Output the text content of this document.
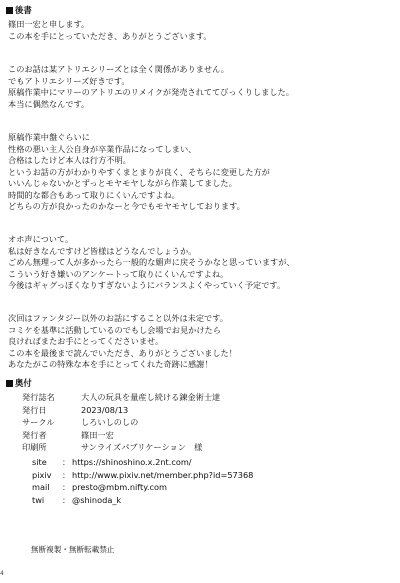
後書
篠田一宏と申します。
この本を手にとっていただき、ありがとうございます。
このお話は某アトリエシリーズとは全く関係がありません。
でもアトリエシリーズ好きです。
原稿作業中にマリーのアトリエのリメイクが発売されててびっくりしました。
本当に偶然なんです。
原稿作業中盤ぐらいに
性格の悪い主人公自身が卒業作品になってしまい、
合格はしたけど本人は行方不明。
というお話の方がわかりやすくまとまりが良く、そちらに変更した方が
いいんじゃないかとずっとモヤモヤしながら作業してました。
時間的な都合もあって取りにくいんですよね。
どちらの方が良かったのかなーと今でもモヤモヤしております。
オホ声について。
私は好きなんですけど皆様はどうなんでしょうか。
ごめん無理って人が多かったら一般的な媚声に戻そうかなと思っていますが、
こういう好き嫌いのアンケートって取りにくいんですよね。
今後はギャグっぽくなりすぎないようにバランスよくやっていく予定です。
次回はファンタジー以外のお話にすること以外は未定です。
コミケを基準に活動しているのでもし会場でお見かけたら
良ければまたお手にとってくださいませ。
この本を最後まで読んでいただき、ありがとうございました！
あなたがこの特殊な本を手にとってくれた奇跡に感謝！
奥付
発行誌名	大人の玩具を量産し続ける錬金術士達
発行日	2023/08/13
サークル	しろいしのしの
発行者	篠田一宏
印刷所	サンライズパブリケーション　様
site	： https://shinoshino.x.2nt.com/
pixiv	： http://www.pixiv.net/member.php?id=57368
mail	： presto@mbm.nifty.com
twi	： @shinoda_k
無断複製・無断転載禁止
4
